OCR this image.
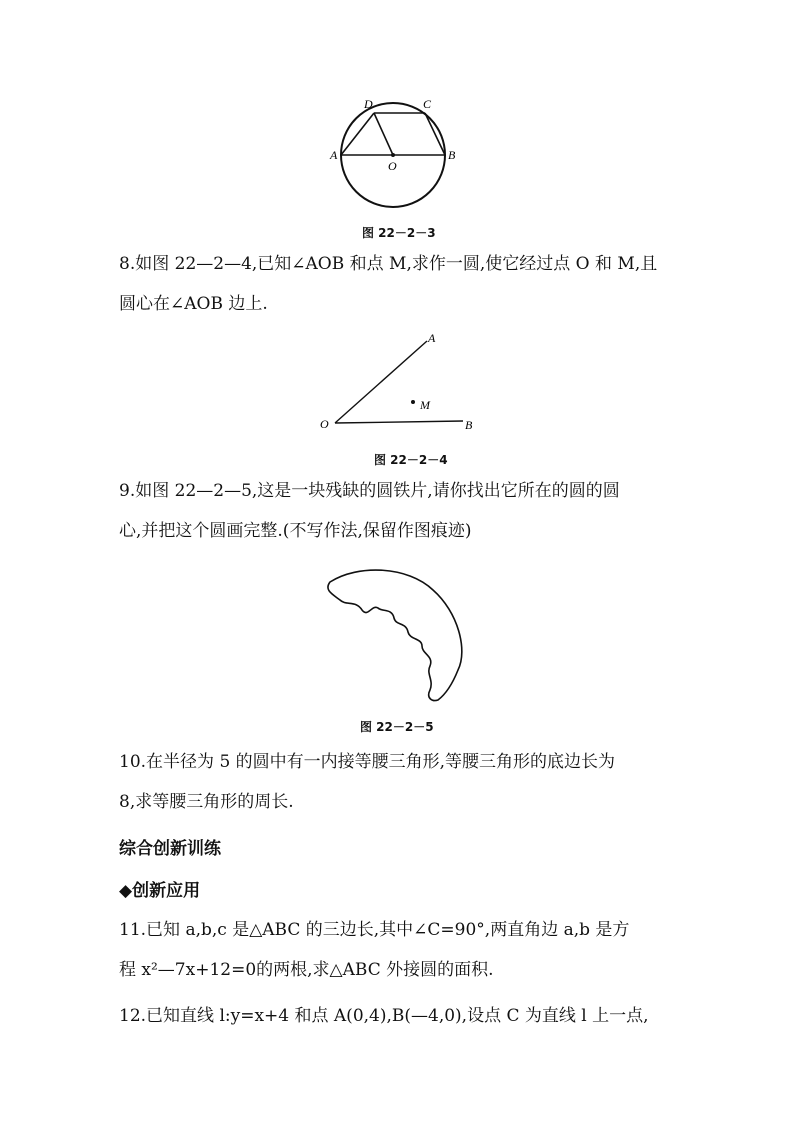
D	C
A	B
O
图 22－2－3
8.如图 22—2—4,已知∠AOB 和点 M,求作一圆,使它经过点 O 和 M,且
圆心在∠AOB 边上.
A
M
O	B
图 22－2－4
9.如图 22—2—5,这是一块残缺的圆铁片,请你找出它所在的圆的圆
心,并把这个圆画完整.(不写作法,保留作图痕迹)
图 22－2－5
10.在半径为 5 的圆中有一内接等腰三角形,等腰三角形的底边长为
8,求等腰三角形的周长.
综合创新训练
◆创新应用
11.已知 a,b,c 是△ABC 的三边长,其中∠C=90°,两直角边 a,b 是方
程 x²—7x+12=0的两根,求△ABC 外接圆的面积.
12.已知直线 l:y=x+4 和点 A(0,4),B(—4,0),设点 C 为直线 l 上一点,
